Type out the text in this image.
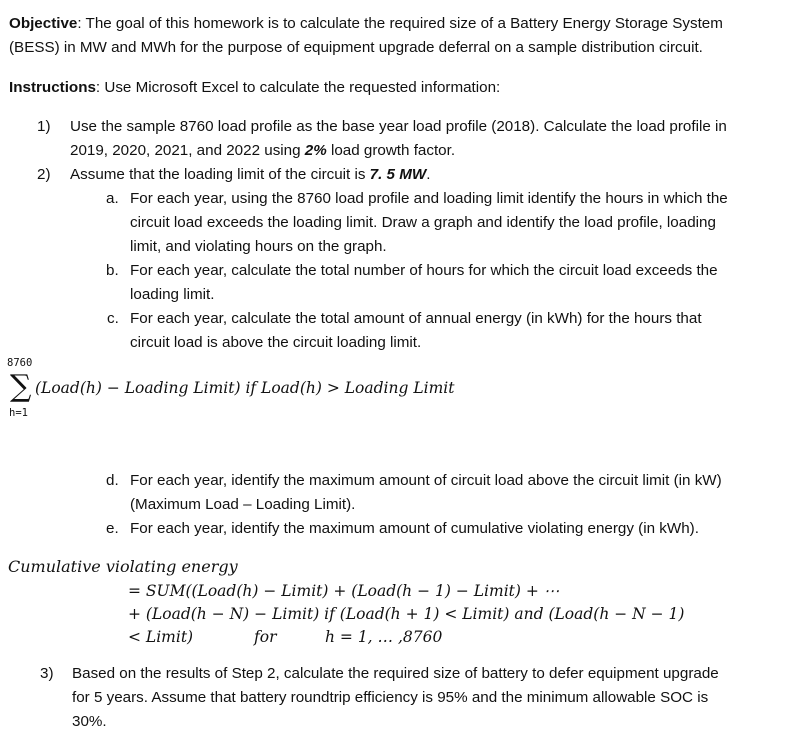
Objective: The goal of this homework is to calculate the required size of a Battery Energy Storage System
(BESS) in MW and MWh for the purpose of equipment upgrade deferral on a sample distribution circuit.
Instructions: Use Microsoft Excel to calculate the requested information:
1) Use the sample 8760 load profile as the base year load profile (2018). Calculate the load profile in
2019, 2020, 2021, and 2022 using 2% load growth factor.
2) Assume that the loading limit of the circuit is 7. 5 MW.
a. For each year, using the 8760 load profile and loading limit identify the hours in which the
circuit load exceeds the loading limit. Draw a graph and identify the load profile, loading
limit, and violating hours on the graph.
b. For each year, calculate the total number of hours for which the circuit load exceeds the
loading limit.
c. For each year, calculate the total amount of annual energy (in kWh) for the hours that
circuit load is above the circuit loading limit.
8760
∑
h=1
(Load(h) − Loading Limit) if Load(h) > Loading Limit
d. For each year, identify the maximum amount of circuit load above the circuit limit (in kW)
(Maximum Load – Loading Limit).
e. For each year, identify the maximum amount of cumulative violating energy (in kWh).
Cumulative violating energy
= SUM((Load(h) − Limit) + (Load(h − 1) − Limit) + ⋯
+ (Load(h − N) − Limit) if (Load(h + 1) < Limit) and (Load(h − N − 1)
< Limit)	for	h = 1, … ,8760
3) Based on the results of Step 2, calculate the required size of battery to defer equipment upgrade
for 5 years. Assume that battery roundtrip efficiency is 95% and the minimum allowable SOC is
30%.
